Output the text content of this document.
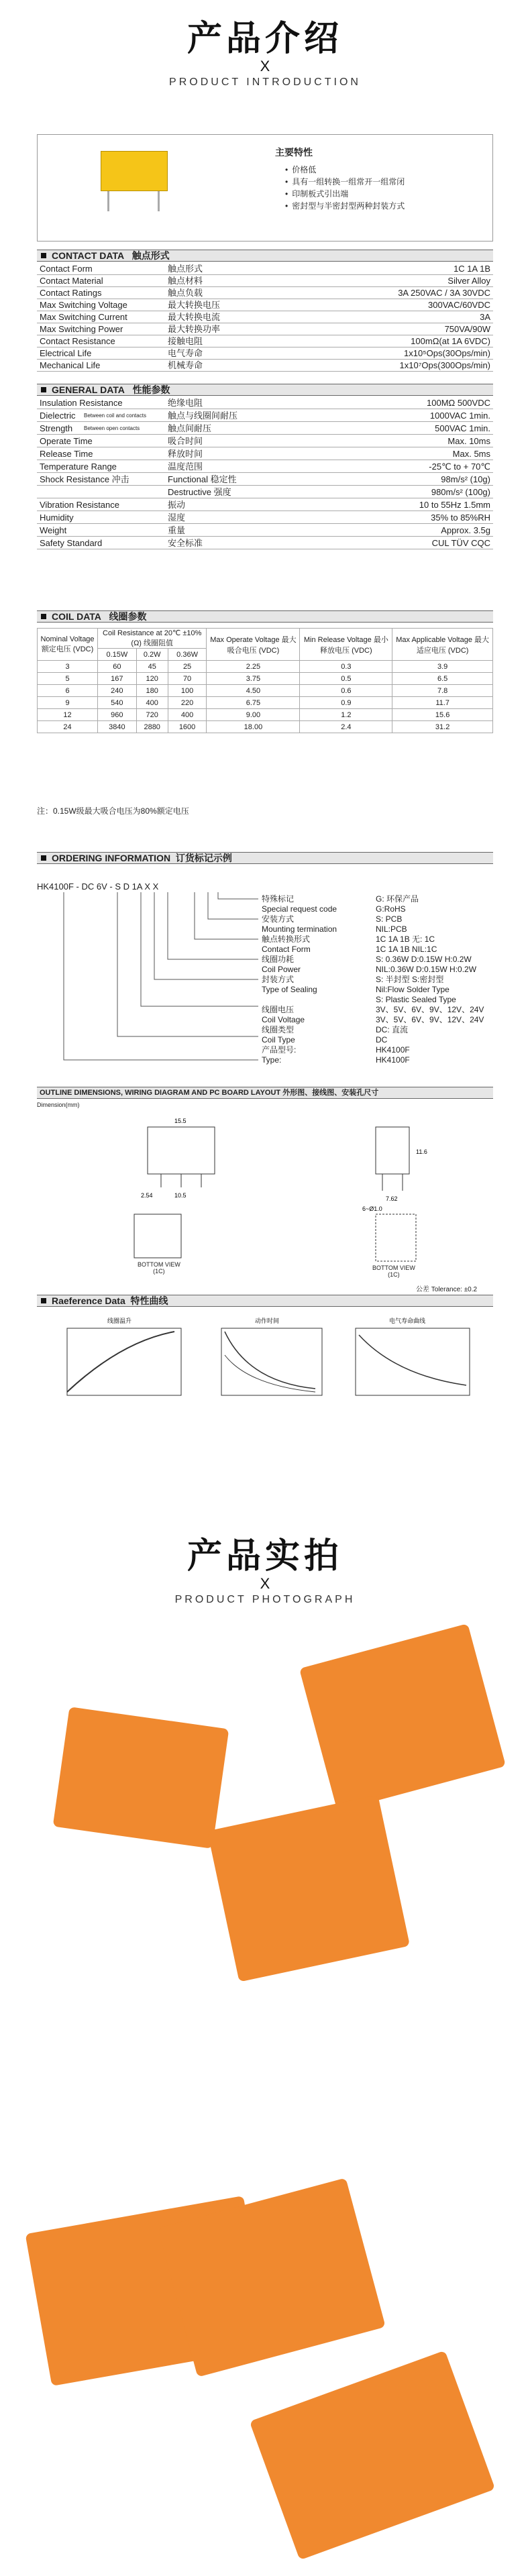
产品介绍
X
PRODUCT INTRODUCTION
主要特性
• 价格低
• 具有一组转换一组常开一组常闭
• 印制板式引出端
• 密封型与半密封型两种封装方式
CONTACT DATA 触点形式
GENERAL DATA 性能参数
COIL DATA 线圈参数
Nominal Voltage 额定电压 (VDC)	Coil Resistance at 20℃ ±10%(Ω) 线圈阻值			Max Operate Voltage 最大吸合电压 (VDC)	Min Release Voltage 最小释放电压 (VDC)	Max Applicable Voltage 最大适应电压 (VDC)
	0.15W	0.2W	0.36W			
3	60	45	25	2.25	0.3	3.9
5	167	120	70	3.75	0.5	6.5
6	240	180	100	4.50	0.6	7.8
9	540	400	220	6.75	0.9	11.7
12	960	720	400	9.00	1.2	15.6
24	3840	2880	1600	18.00	2.4	31.2
注：0.15W级最大吸合电压为80%额定电压
ORDERING INFORMATION 订货标记示例
HK4100F - DC 6V - S D 1A X X
OUTLINE DIMENSIONS, WIRING DIAGRAM AND PC BOARD LAYOUT 外形图、接线图、安装孔尺寸
Dimension(mm)
15.5
10.5
11.6
7.62
2.54
6~Ø1.0
BOTTOM VIEW
(1C)	BOTTOM VIEW
(1C)
公差 Tolerance: ±0.2
Raeference Data 特性曲线
线圈温升	动作时间	电气寿命曲线
产品实拍
X
PRODUCT PHOTOGRAPH
Contact Form	触点形式	1C 1A 1B
Contact Material	触点材料	Silver Alloy
Contact Ratings	触点负载	3A 250VAC / 3A 30VDC
Max Switching Voltage	最大转换电压	300VAC/60VDC
Max Switching Current	最大转换电流	3A
Max Switching Power	最大转换功率	750VA/90W
Contact Resistance	接触电阻	100mΩ(at 1A 6VDC)
Electrical Life	电气寿命	1x10⁵Ops(30Ops/min)
Mechanical Life	机械寿命	1x10⁷Ops(300Ops/min)
Insulation Resistance	绝缘电阻	100MΩ 500VDC
Dielectric Between coil and contacts 触点与线圈间耐压	1000VAC 1min.
Strength Between open contacts	触点间耐压	500VAC 1min.
Operate Time	吸合时间	Max. 10ms
Release Time	释放时间	Max. 5ms
Temperature Range	温度范围	-25℃ to + 70℃
Shock Resistance 冲击	Functional 稳定性	98m/s² (10g)
Destructive 强度	980m/s² (100g)
Vibration Resistance	振动	10 to 55Hz 1.5mm
Humidity	湿度	35% to 85%RH
Weight	重量	Approx. 3.5g
Safety Standard	安全标准	CUL TÜV CQC
特殊标记	G: 环保产品
Special request code	G:RoHS
安装方式	S: PCB
Mounting termination	NIL:PCB
触点转换形式	1C 1A 1B 无: 1C
Contact Form	1C 1A 1B NIL:1C
线圈功耗	S: 0.36W D:0.15W H:0.2W
Coil Power	NIL:0.36W D:0.15W H:0.2W
封装方式	S: 半封型 S:密封型
Type of Sealing	Nil:Flow Solder Type
S: Plastic Sealed Type
线圈电压	3V、5V、6V、9V、12V、24V
Coil Voltage	3V、5V、6V、9V、12V、24V
线圈类型	DC: 直流
Coil Type	DC
产品型号:	HK4100F
Type:	HK4100F
